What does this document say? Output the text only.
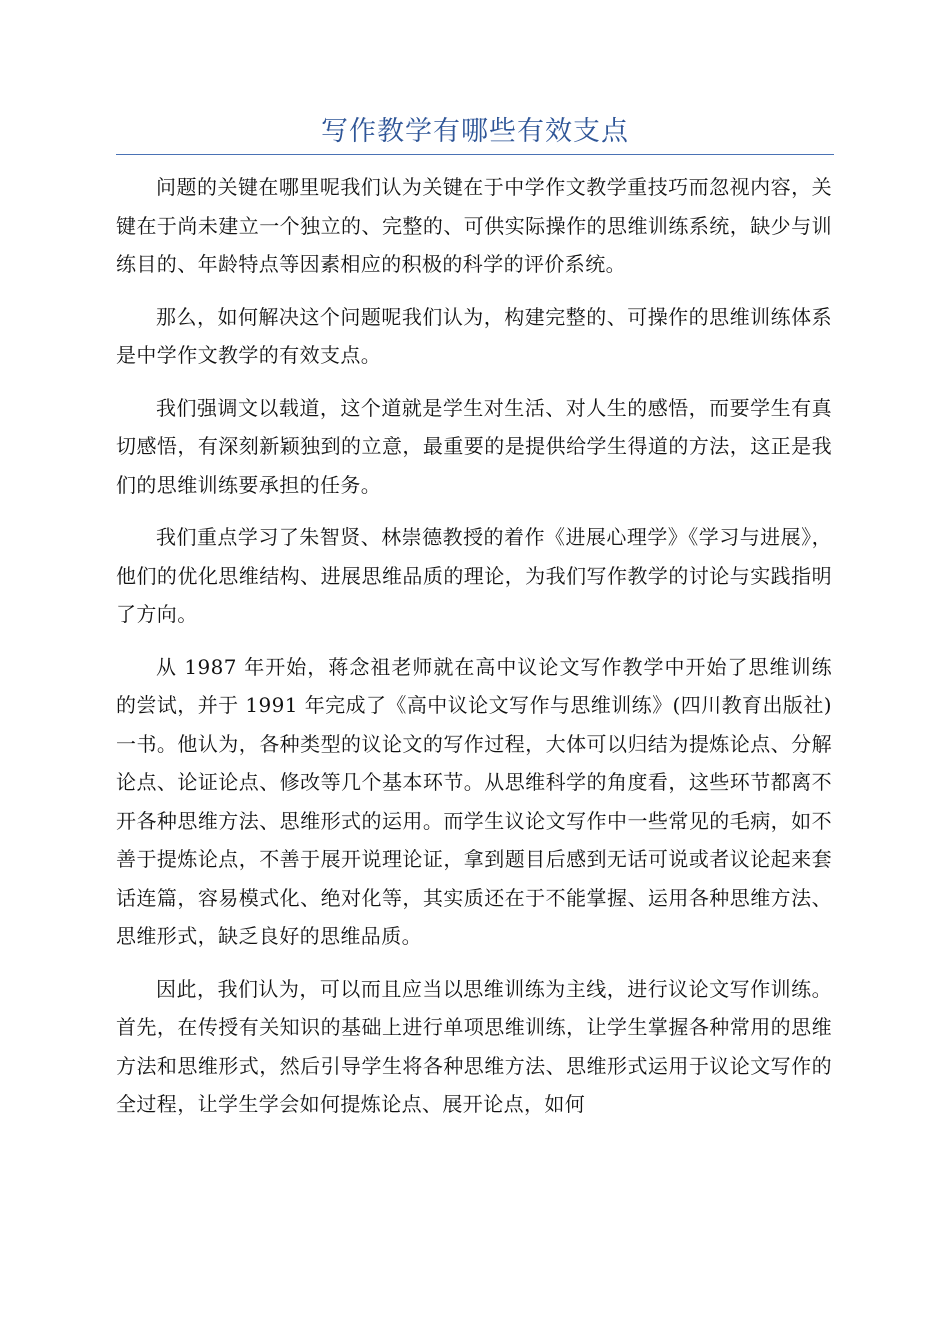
写作教学有哪些有效支点

问题的关键在哪里呢我们认为关键在于中学作文教学重技巧而忽视内容，关键在于尚未建立一个独立的、完整的、可供实际操作的思维训练系统，缺少与训练目的、年龄特点等因素相应的积极的科学的评价系统。

那么，如何解决这个问题呢我们认为，构建完整的、可操作的思维训练体系是中学作文教学的有效支点。

我们强调文以载道，这个道就是学生对生活、对人生的感悟，而要学生有真切感悟，有深刻新颖独到的立意，最重要的是提供给学生得道的方法，这正是我们的思维训练要承担的任务。

我们重点学习了朱智贤、林崇德教授的着作《进展心理学》《学习与进展》，他们的优化思维结构、进展思维品质的理论，为我们写作教学的讨论与实践指明了方向。

从 1987 年开始，蒋念祖老师就在高中议论文写作教学中开始了思维训练的尝试，并于 1991 年完成了《高中议论文写作与思维训练》(四川教育出版社)一书。他认为，各种类型的议论文的写作过程，大体可以归结为提炼论点、分解论点、论证论点、修改等几个基本环节。从思维科学的角度看，这些环节都离不开各种思维方法、思维形式的运用。而学生议论文写作中一些常见的毛病，如不善于提炼论点，不善于展开说理论证，拿到题目后感到无话可说或者议论起来套话连篇，容易模式化、绝对化等，其实质还在于不能掌握、运用各种思维方法、思维形式，缺乏良好的思维品质。

因此，我们认为，可以而且应当以思维训练为主线，进行议论文写作训练。首先，在传授有关知识的基础上进行单项思维训练，让学生掌握各种常用的思维方法和思维形式，然后引导学生将各种思维方法、思维形式运用于议论文写作的全过程，让学生学会如何提炼论点、展开论点，如何
